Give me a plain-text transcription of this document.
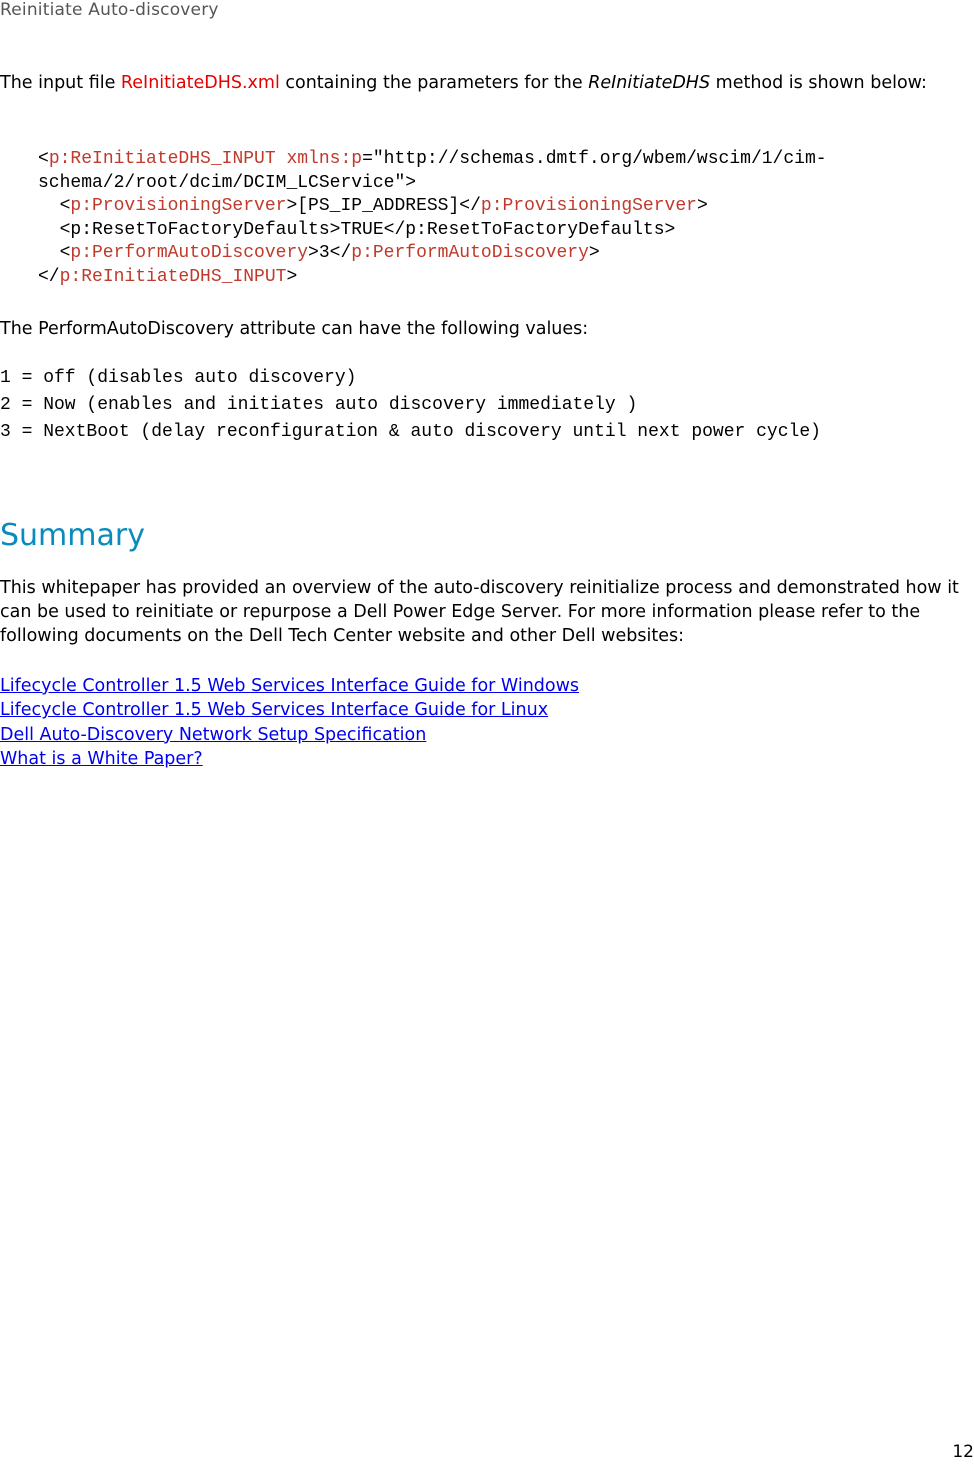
Reinitiate Auto-discovery
The input file ReInitiateDHS.xml containing the parameters for the ReInitiateDHS method is shown below:
<p:ReInitiateDHS_INPUT xmlns:p="http://schemas.dmtf.org/wbem/wscim/1/cim-
schema/2/root/dcim/DCIM_LCService">
<p:ProvisioningServer>[PS_IP_ADDRESS]</p:ProvisioningServer>
<p:ResetToFactoryDefaults>TRUE</p:ResetToFactoryDefaults>
<p:PerformAutoDiscovery>3</p:PerformAutoDiscovery>
</p:ReInitiateDHS_INPUT>
The PerformAutoDiscovery attribute can have the following values:
1 = off (disables auto discovery)
2 = Now (enables and initiates auto discovery immediately )
3 = NextBoot (delay reconfiguration & auto discovery until next power cycle)
Summary
This whitepaper has provided an overview of the auto-discovery reinitialize process and demonstrated how it can be used to reinitiate or repurpose a Dell Power Edge Server. For more information please refer to the following documents on the Dell Tech Center website and other Dell websites:
Lifecycle Controller 1.5 Web Services Interface Guide for Windows
Lifecycle Controller 1.5 Web Services Interface Guide for Linux
Dell Auto-Discovery Network Setup Specification
What is a White Paper?
12
